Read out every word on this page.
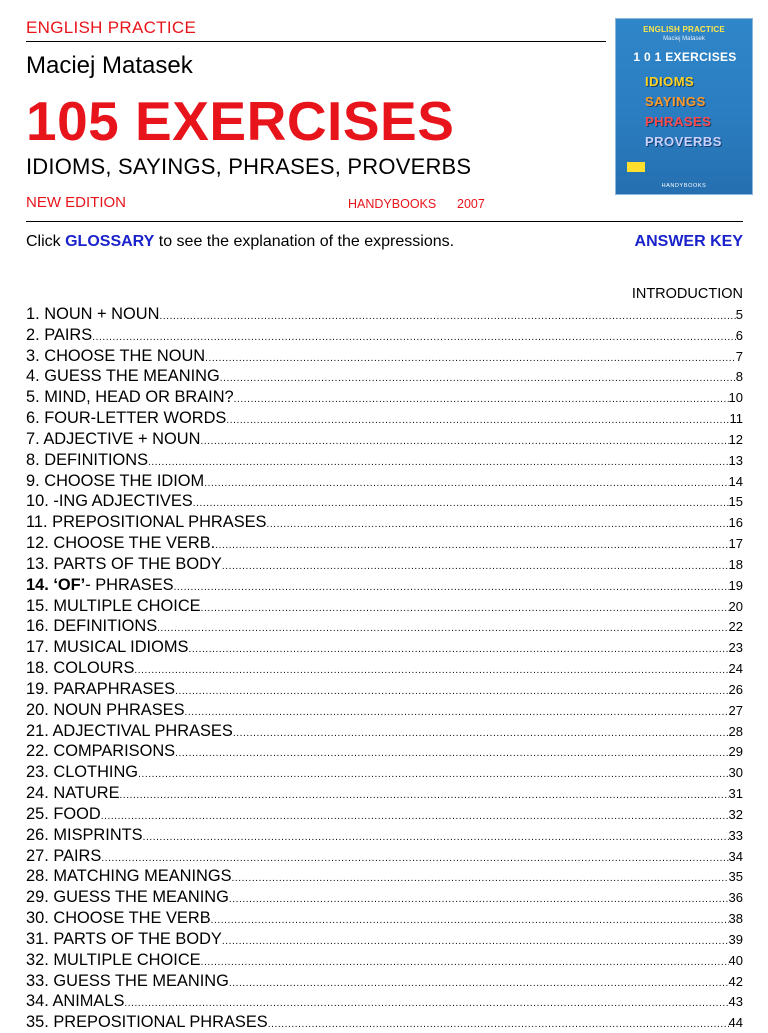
ENGLISH PRACTICE
Maciej Matasek
105 EXERCISES
IDIOMS, SAYINGS, PHRASES, PROVERBS
NEW EDITION	HANDYBOOKS 2007
ENGLISH PRACTICE
Maciej Matasek
1 0 1 EXERCISES
IDIOMS
SAYINGS
PHRASES
PROVERBS
HANDYBOOKS
Click GLOSSARY to see the explanation of the expressions.	ANSWER KEY
INTRODUCTION
1. NOUN + NOUN .....	5
2. PAIRS .....	6
3. CHOOSE THE NOUN .....	7
4. GUESS THE MEANING .....	8
5. MIND, HEAD OR BRAIN? .....	10
6. FOUR-LETTER WORDS .....	11
7. ADJECTIVE + NOUN .....	12
8. DEFINITIONS .....	13
9. CHOOSE THE IDIOM .....	14
10. -ING ADJECTIVES .....	15
11. PREPOSITIONAL PHRASES .....	16
12. CHOOSE THE VERB. .....	17
13. PARTS OF THE BODY .....	18
14. ‘OF’- PHRASES .....	19
15. MULTIPLE CHOICE .....	20
16. DEFINITIONS .....	22
17. MUSICAL IDIOMS .....	23
18. COLOURS .....	24
19. PARAPHRASES .....	26
20. NOUN PHRASES .....	27
21. ADJECTIVAL PHRASES .....	28
22. COMPARISONS .....	29
23. CLOTHING .....	30
24. NATURE .....	31
25. FOOD .....	32
26. MISPRINTS .....	33
27. PAIRS .....	34
28. MATCHING MEANINGS .....	35
29. GUESS THE MEANING .....	36
30. CHOOSE THE VERB .....	38
31. PARTS OF THE BODY .....	39
32. MULTIPLE CHOICE .....	40
33. GUESS THE MEANING .....	42
34. ANIMALS .....	43
35. PREPOSITIONAL PHRASES .....	44
